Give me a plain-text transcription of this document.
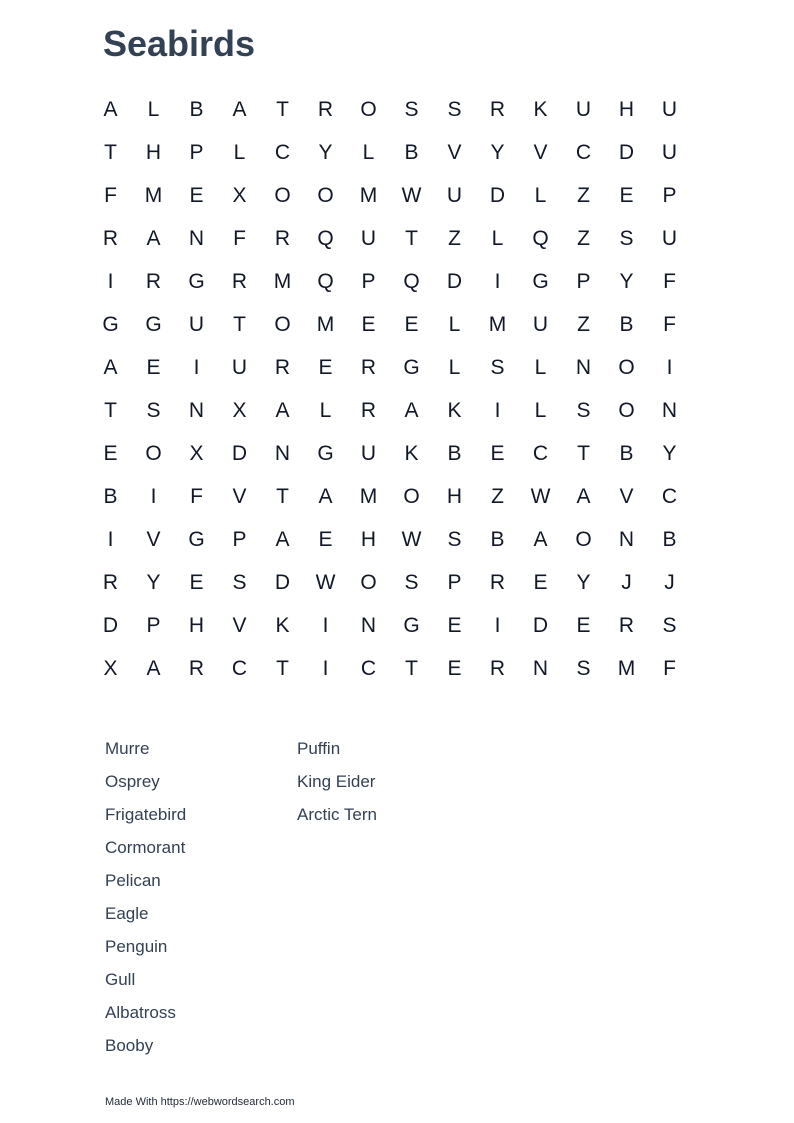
Seabirds
A	L	B	A	T	R	O	S	S	R	K	U	H	U
T	H	P	L	C	Y	L	B	V	Y	V	C	D	U
F	M	E	X	O	O	M	W	U	D	L	Z	E	P
R	A	N	F	R	Q	U	T	Z	L	Q	Z	S	U
I	R	G	R	M	Q	P	Q	D	I	G	P	Y	F
G	G	U	T	O	M	E	E	L	M	U	Z	B	F
A	E	I	U	R	E	R	G	L	S	L	N	O	I
T	S	N	X	A	L	R	A	K	I	L	S	O	N
E	O	X	D	N	G	U	K	B	E	C	T	B	Y
B	I	F	V	T	A	M	O	H	Z	W	A	V	C
I	V	G	P	A	E	H	W	S	B	A	O	N	B
R	Y	E	S	D	W	O	S	P	R	E	Y	J	J
D	P	H	V	K	I	N	G	E	I	D	E	R	S
X	A	R	C	T	I	C	T	E	R	N	S	M	F
Murre
Osprey
Frigatebird
Cormorant
Pelican
Eagle
Penguin
Gull
Albatross
Booby
Puffin
King Eider
Arctic Tern
Made With https://webwordsearch.com
